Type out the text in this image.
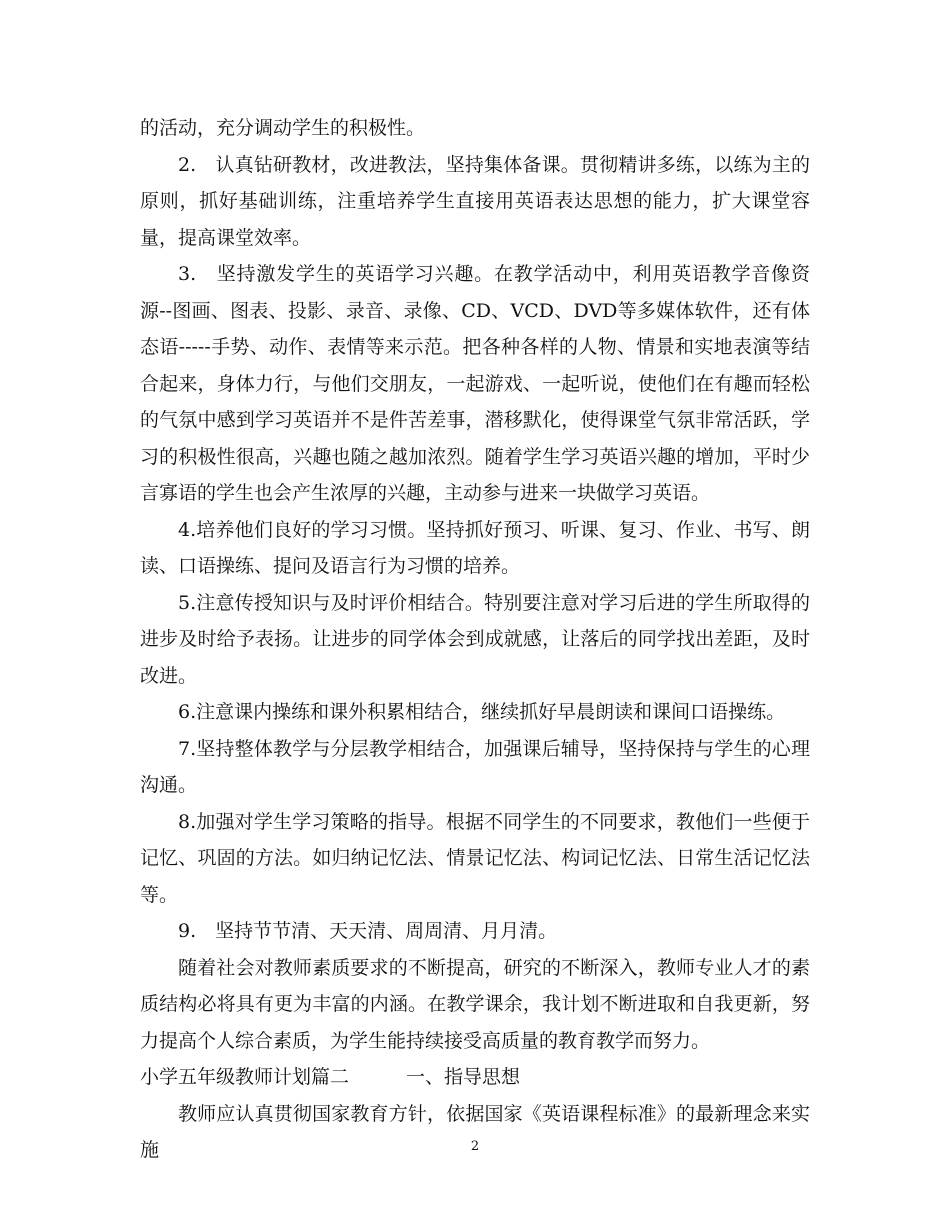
的活动，充分调动学生的积极性。

2.　认真钻研教材，改进教法，坚持集体备课。贯彻精讲多练，以练为主的原则，抓好基础训练，注重培养学生直接用英语表达思想的能力，扩大课堂容量，提高课堂效率。

3.　坚持激发学生的英语学习兴趣。在教学活动中，利用英语教学音像资源--图画、图表、投影、录音、录像、CD、VCD、DVD等多媒体软件，还有体态语-----手势、动作、表情等来示范。把各种各样的人物、情景和实地表演等结合起来，身体力行，与他们交朋友，一起游戏、一起听说，使他们在有趣而轻松的气氛中感到学习英语并不是件苦差事，潜移默化，使得课堂气氛非常活跃，学习的积极性很高，兴趣也随之越加浓烈。随着学生学习英语兴趣的增加，平时少言寡语的学生也会产生浓厚的兴趣，主动参与进来一块做学习英语。

4.培养他们良好的学习习惯。坚持抓好预习、听课、复习、作业、书写、朗读、口语操练、提问及语言行为习惯的培养。

5.注意传授知识与及时评价相结合。特别要注意对学习后进的学生所取得的进步及时给予表扬。让进步的同学体会到成就感，让落后的同学找出差距，及时改进。

6.注意课内操练和课外积累相结合，继续抓好早晨朗读和课间口语操练。

7.坚持整体教学与分层教学相结合，加强课后辅导，坚持保持与学生的心理沟通。

8.加强对学生学习策略的指导。根据不同学生的不同要求，教他们一些便于记忆、巩固的方法。如归纳记忆法、情景记忆法、构词记忆法、日常生活记忆法等。

9.　坚持节节清、天天清、周周清、月月清。

随着社会对教师素质要求的不断提高，研究的不断深入，教师专业人才的素质结构必将具有更为丰富的内涵。在教学课余，我计划不断进取和自我更新，努力提高个人综合素质，为学生能持续接受高质量的教育教学而努力。

小学五年级教师计划篇二　　　一、指导思想

教师应认真贯彻国家教育方针，依据国家《英语课程标准》的最新理念来实施	2
